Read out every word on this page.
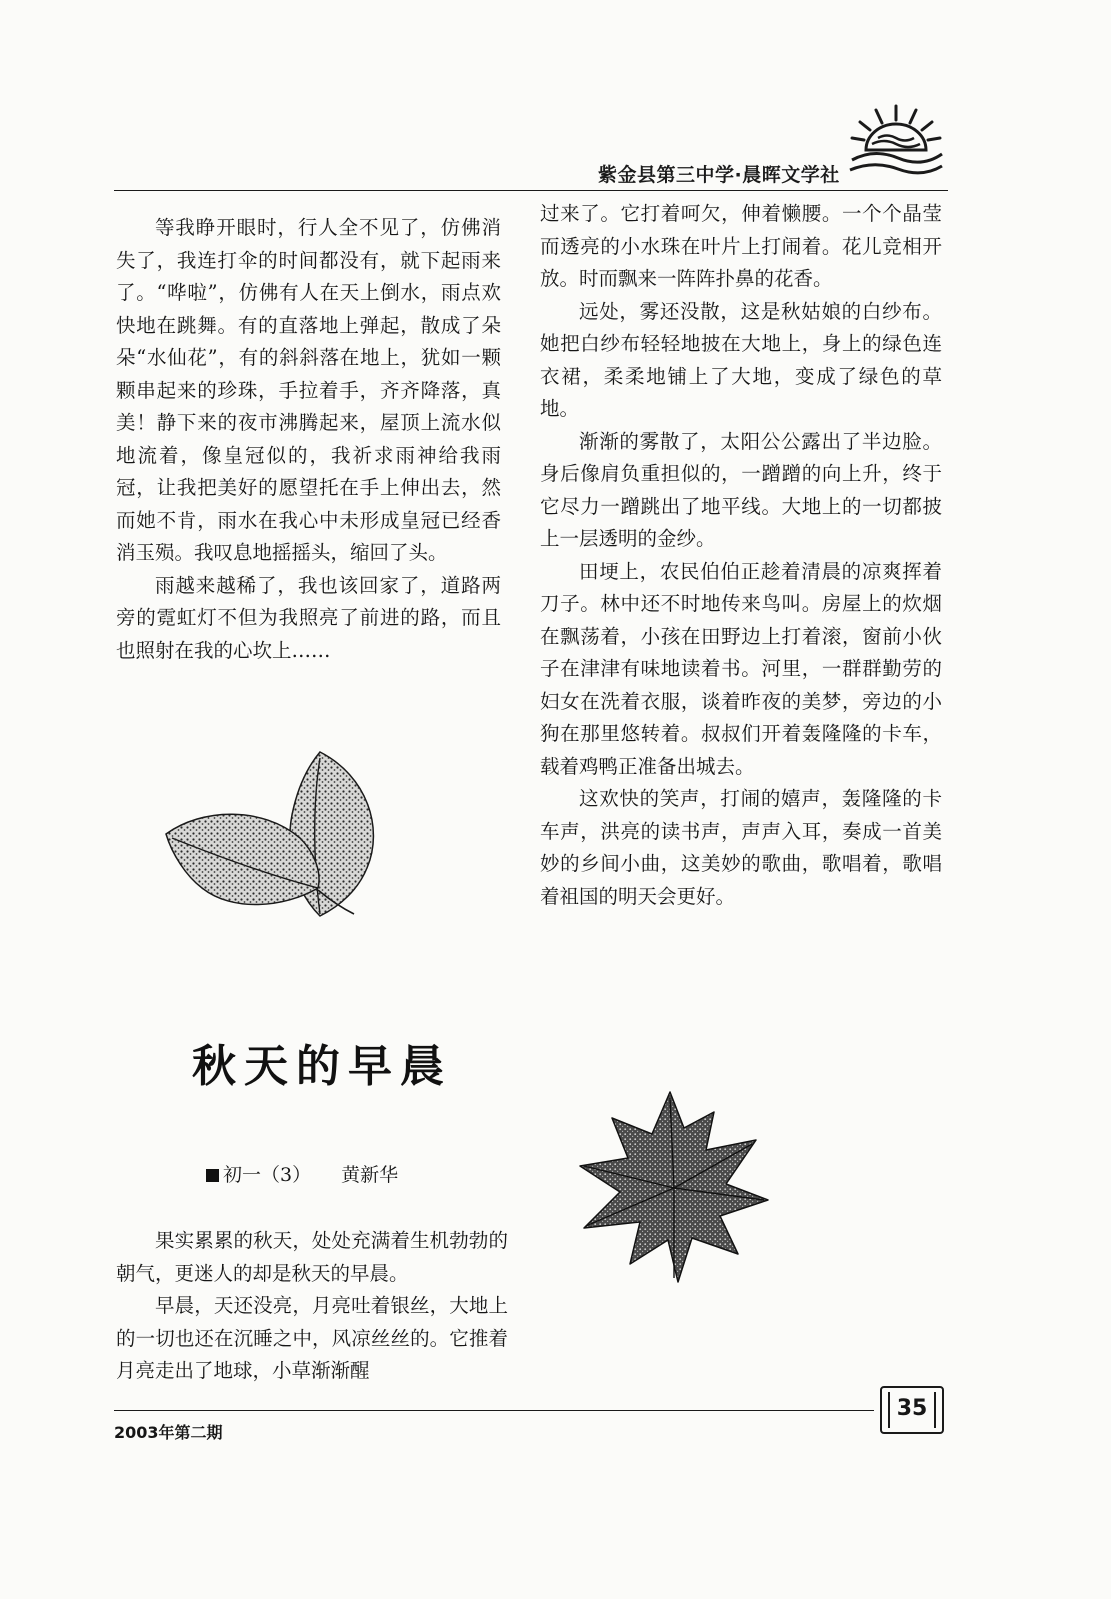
紫金县第三中学·晨晖文学社

等我睁开眼时，行人全不见了，仿佛消失了，我连打伞的时间都没有，就下起雨来了。“哗啦”，仿佛有人在天上倒水，雨点欢快地在跳舞。有的直落地上弹起，散成了朵朵“水仙花”，有的斜斜落在地上，犹如一颗颗串起来的珍珠，手拉着手，齐齐降落，真美！静下来的夜市沸腾起来，屋顶上流水似地流着，像皇冠似的，我祈求雨神给我雨冠，让我把美好的愿望托在手上伸出去，然而她不肯，雨水在我心中未形成皇冠已经香消玉殒。我叹息地摇摇头，缩回了头。

雨越来越稀了，我也该回家了，道路两旁的霓虹灯不但为我照亮了前进的路，而且也照射在我的心坎上……

过来了。它打着呵欠，伸着懒腰。一个个晶莹而透亮的小水珠在叶片上打闹着。花儿竞相开放。时而飘来一阵阵扑鼻的花香。

远处，雾还没散，这是秋姑娘的白纱布。她把白纱布轻轻地披在大地上，身上的绿色连衣裙，柔柔地铺上了大地，变成了绿色的草地。

渐渐的雾散了，太阳公公露出了半边脸。身后像肩负重担似的，一蹭蹭的向上升，终于它尽力一蹭跳出了地平线。大地上的一切都披上一层透明的金纱。

田埂上，农民伯伯正趁着清晨的凉爽挥着刀子。林中还不时地传来鸟叫。房屋上的炊烟在飘荡着，小孩在田野边上打着滚，窗前小伙子在津津有味地读着书。河里，一群群勤劳的妇女在洗着衣服，谈着昨夜的美梦，旁边的小狗在那里悠转着。叔叔们开着轰隆隆的卡车，载着鸡鸭正准备出城去。

这欢快的笑声，打闹的嬉声，轰隆隆的卡车声，洪亮的读书声，声声入耳，奏成一首美妙的乡间小曲，这美妙的歌曲，歌唱着，歌唱着祖国的明天会更好。

秋天的早晨
初一（3） 黄新华

果实累累的秋天，处处充满着生机勃勃的朝气，更迷人的却是秋天的早晨。

早晨，天还没亮，月亮吐着银丝，大地上的一切也还在沉睡之中，风凉丝丝的。它推着月亮走出了地球，小草渐渐醒

2003年第二期
35
